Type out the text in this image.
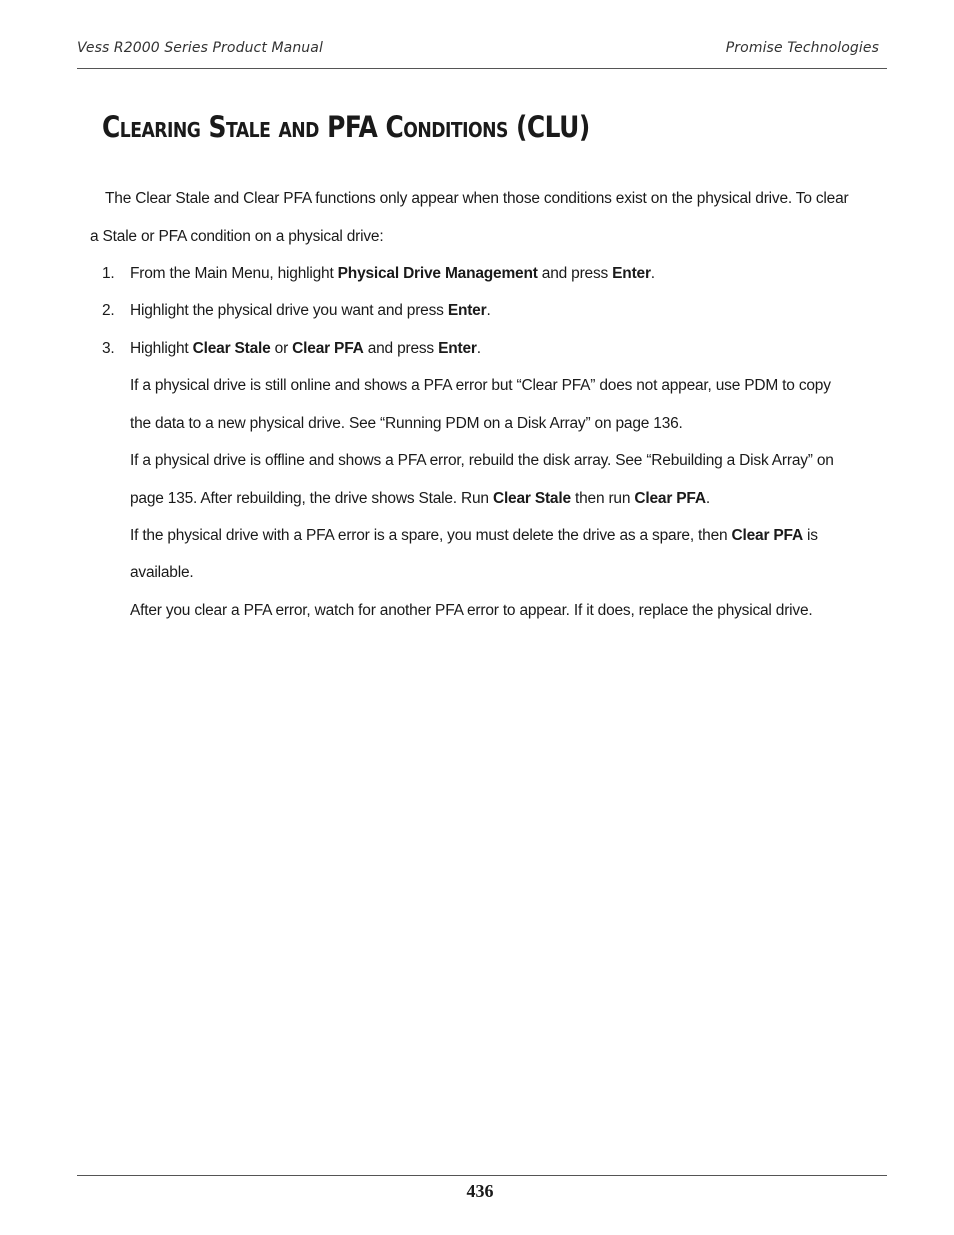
Vess R2000 Series Product Manual	Promise Technologies
Clearing Stale and PFA Conditions (CLU)
The Clear Stale and Clear PFA functions only appear when those conditions exist on the physical drive. To clear
a Stale or PFA condition on a physical drive:
1. From the Main Menu, highlight Physical Drive Management and press Enter.
2. Highlight the physical drive you want and press Enter.
3. Highlight Clear Stale or Clear PFA and press Enter.
If a physical drive is still online and shows a PFA error but “Clear PFA” does not appear, use PDM to copy
the data to a new physical drive. See “Running PDM on a Disk Array” on page 136.
If a physical drive is offline and shows a PFA error, rebuild the disk array. See “Rebuilding a Disk Array” on
page 135. After rebuilding, the drive shows Stale. Run Clear Stale then run Clear PFA.
If the physical drive with a PFA error is a spare, you must delete the drive as a spare, then Clear PFA is
available.
After you clear a PFA error, watch for another PFA error to appear. If it does, replace the physical drive.
436
